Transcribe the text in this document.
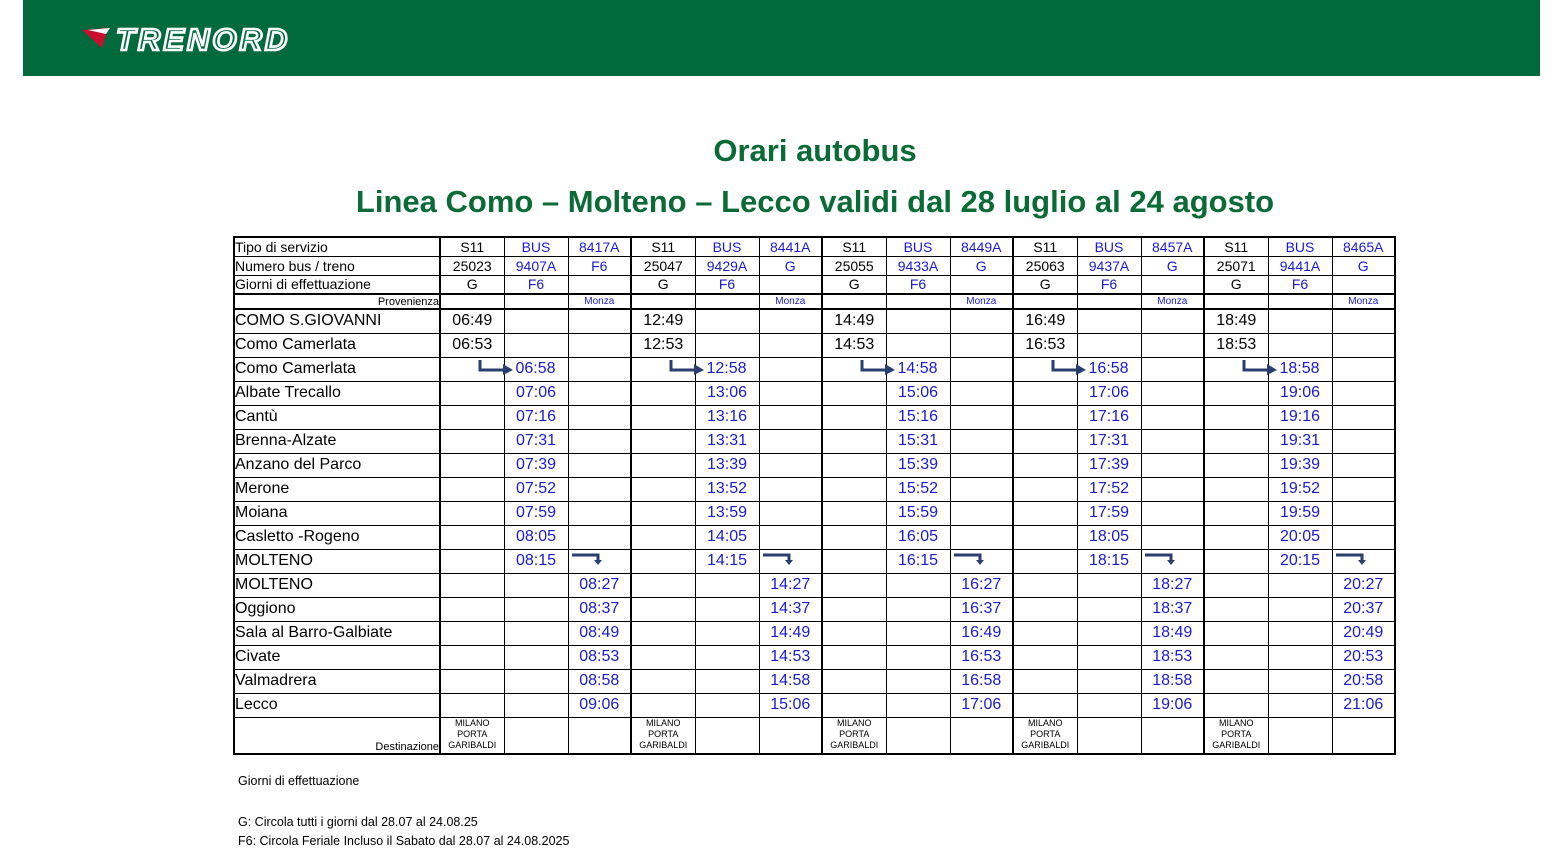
TRENORD
Orari autobus
Linea Como – Molteno – Lecco validi dal 28 luglio al 24 agosto
Tipo di servizio	S11	BUS	8417A	S11	BUS	8441A	S11	BUS	8449A	S11	BUS	8457A	S11	BUS	8465A
Numero bus / treno	25023	9407A	F6	25047	9429A	G	25055	9433A	G	25063	9437A	G	25071	9441A	G
Giorni di effettuazione	G	F6		G	F6		G	F6		G	F6		G	F6	
Provenienza			Monza			Monza			Monza			Monza			Monza
COMO S.GIOVANNI	06:49			12:49			14:49			16:49			18:49		
Como Camerlata	06:53			12:53			14:53			16:53			18:53		
Como Camerlata		06:58			12:58			14:58			16:58			18:58	

Albate Trecallo		07:06			13:06			15:06			17:06			19:06	
Cantù		07:16			13:16			15:16			17:16			19:16	
Brenna-Alzate		07:31			13:31			15:31			17:31			19:31	
Anzano del Parco		07:39			13:39			15:39			17:39			19:39	
Merone		07:52			13:52			15:52			17:52			19:52	
Moiana		07:59			13:59			15:59			17:59			19:59	
Casletto -Rogeno		08:05			14:05			16:05			18:05			20:05	
MOLTENO		08:15			14:15			16:15			18:15			20:15	

MOLTENO			08:27			14:27			16:27			18:27			20:27
Oggiono			08:37			14:37			16:37			18:37			20:37
Sala al Barro-Galbiate			08:49			14:49			16:49			18:49			20:49
Civate			08:53			14:53			16:53			18:53			20:53
Valmadrera			08:58			14:58			16:58			18:58			20:58
Lecco			09:06			15:06			17:06			19:06			21:06
Destinazione	MILANO PORTA GARIBALDI			MILANO PORTA GARIBALDI			MILANO PORTA GARIBALDI			MILANO PORTA GARIBALDI			MILANO PORTA GARIBALDI		
Giorni di effettuazione
G: Circola tutti i giorni dal 28.07 al 24.08.25
F6: Circola Feriale Incluso il Sabato dal 28.07 al 24.08.2025
